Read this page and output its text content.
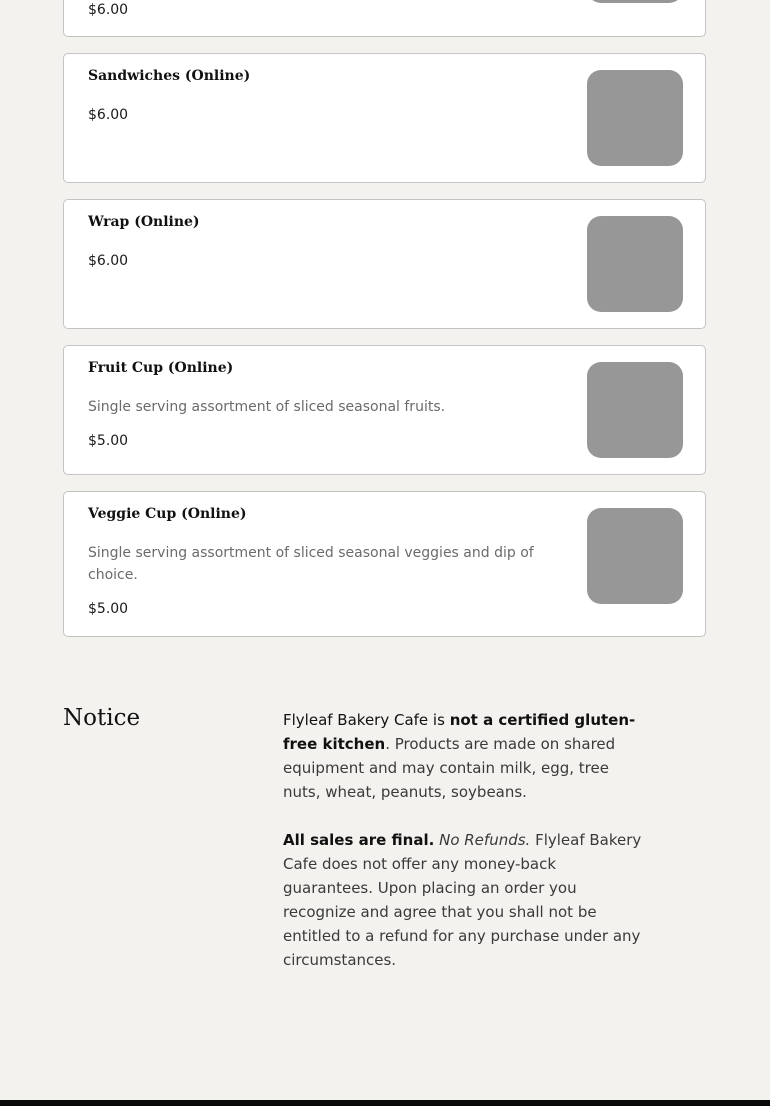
$6.00
Sandwiches (Online)
$6.00
Wrap (Online)
$6.00
Fruit Cup (Online)
Single serving assortment of sliced seasonal fruits.
$5.00
Veggie Cup (Online)
Single serving assortment of sliced seasonal veggies and dip of choice.
$5.00
Notice	Flyleaf Bakery Cafe is not a certified gluten-free kitchen. Products are made on shared equipment and may contain milk, egg, tree nuts, wheat, peanuts, soybeans.

All sales are final. No Refunds. Flyleaf Bakery Cafe does not offer any money-back guarantees. Upon placing an order you recognize and agree that you shall not be entitled to a refund for any purchase under any circumstances.
